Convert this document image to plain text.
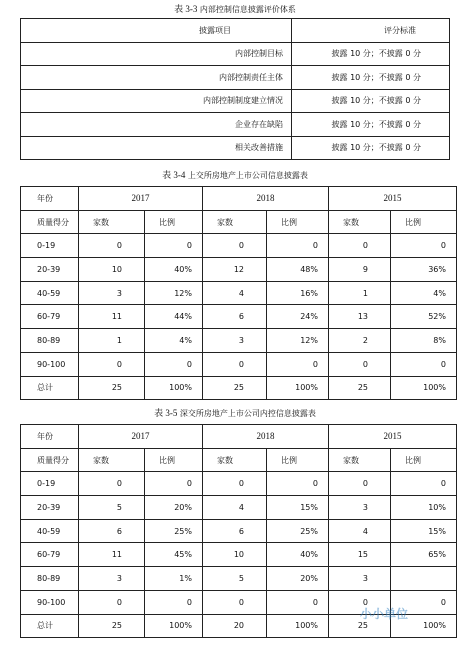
表 3-3 内部控制信息披露评价体系
披露项目	评分标准
内部控制目标	披露 10 分；不披露 0 分
内部控制责任主体	披露 10 分；不披露 0 分
内部控制制度建立情况	披露 10 分；不披露 0 分
企业存在缺陷	披露 10 分；不披露 0 分
相关改善措施	披露 10 分；不披露 0 分
表 3-4 上交所房地产上市公司信息披露表
年份	2017		2018		2015	
质量得分	家数	比例	家数	比例	家数	比例
0-19	0	0	0	0	0	0
20-39	10	40%	12	48%	9	36%
40-59	3	12%	4	16%	1	4%
60-79	11	44%	6	24%	13	52%
80-89	1	4%	3	12%	2	8%
90-100	0	0	0	0	0	0
总计	25	100%	25	100%	25	100%
表 3-5 深交所房地产上市公司内控信息披露表
年份	2017		2018		2015	
质量得分	家数	比例	家数	比例	家数	比例
0-19	0	0	0	0	0	0
20-39	5	20%	4	15%	3	10%
40-59	6	25%	6	25%	4	15%
60-79	11	45%	10	40%	15	65%
80-89	3	1%	5	20%	3	
90-100	0	0	0	0	0	0
总计	25	100%	20	100%	25	100%
小小单位
